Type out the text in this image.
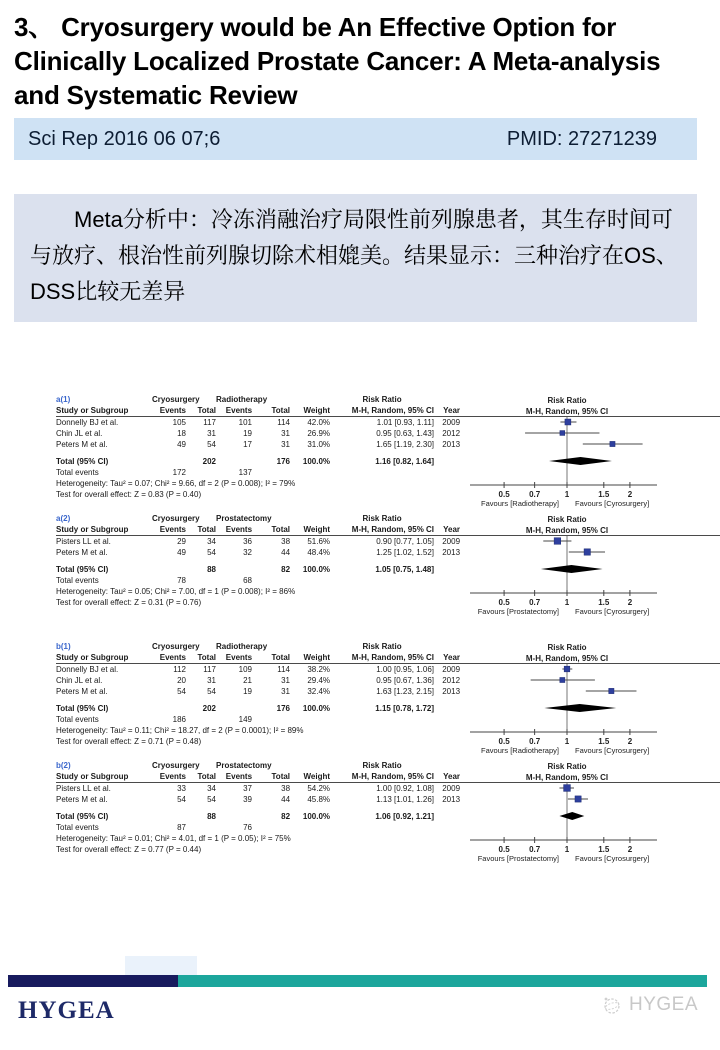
3、 Cryosurgery would be An Effective Option for Clinically Localized Prostate Cancer: A Meta-analysis and Systematic Review
Sci Rep 2016 06 07;6	PMID: 27271239

Meta分析中：冷冻消融治疗局限性前列腺患者，其生存时间可与放疗、根治性前列腺切除术相媲美。结果显示：三种治疗在OS、DSS比较无差异

a(1)	Cryosurgery		Radiotherapy			Risk Ratio	
Study or Subgroup	Events	Total	Events	Total	Weight	M-H, Random, 95% CI	Year
Donnelly BJ et al.	105	117	101	114	42.0%	1.01 [0.93, 1.11]	2009
Chin JL et al.	18	31	19	31	26.9%	0.95 [0.63, 1.43]	2012
Peters M et al.	49	54	17	31	31.0%	1.65 [1.19, 2.30]	2013

Total (95% CI)		202		176	100.0%	1.16 [0.82, 1.64]	
Total events	172		137				
Heterogeneity: Tau² = 0.07; Chi² = 9.66, df = 2 (P = 0.008); I² = 79%							
Test for overall effect: Z = 0.83 (P = 0.40)							
Risk Ratio
M-H, Random, 95% CI
0.5 0.7	1	1.5 2
Favours [Radiotherapy] Favours [Cyrosurgery]
a(2)	Cryosurgery		Prostatectomy			Risk Ratio	
Study or Subgroup	Events	Total	Events	Total	Weight	M-H, Random, 95% CI	Year
Pisters LL et al.	29	34	36	38	51.6%	0.90 [0.77, 1.05]	2009
Peters M et al.	49	54	32	44	48.4%	1.25 [1.02, 1.52]	2013

Total (95% CI)		88		82	100.0%	1.05 [0.75, 1.48]	
Total events	78		68				
Heterogeneity: Tau² = 0.05; Chi² = 7.00, df = 1 (P = 0.008); I² = 86%							
Test for overall effect: Z = 0.31 (P = 0.76)							
Risk Ratio
M-H, Random, 95% CI
0.5 0.7	1	1.5 2
Favours [Prostatectomy] Favours [Cyrosurgery]
b(1)	Cryosurgery		Radiotherapy			Risk Ratio	
Study or Subgroup	Events	Total	Events	Total	Weight	M-H, Random, 95% CI	Year
Donnelly BJ et al.	112	117	109	114	38.2%	1.00 [0.95, 1.06]	2009
Chin JL et al.	20	31	21	31	29.4%	0.95 [0.67, 1.36]	2012
Peters M et al.	54	54	19	31	32.4%	1.63 [1.23, 2.15]	2013

Total (95% CI)		202		176	100.0%	1.15 [0.78, 1.72]	
Total events	186		149				
Heterogeneity: Tau² = 0.11; Chi² = 18.27, df = 2 (P = 0.0001); I² = 89%							
Test for overall effect: Z = 0.71 (P = 0.48)							
Risk Ratio
M-H, Random, 95% CI
0.5 0.7	1	1.5 2
Favours [Radiotherapy] Favours [Cyrosurgery]
b(2)	Cryosurgery		Prostatectomy			Risk Ratio	
Study or Subgroup	Events	Total	Events	Total	Weight	M-H, Random, 95% CI	Year
Pisters LL et al.	33	34	37	38	54.2%	1.00 [0.92, 1.08]	2009
Peters M et al.	54	54	39	44	45.8%	1.13 [1.01, 1.26]	2013

Total (95% CI)		88		82	100.0%	1.06 [0.92, 1.21]	
Total events	87		76				
Heterogeneity: Tau² = 0.01; Chi² = 4.01, df = 1 (P = 0.05); I² = 75%							
Test for overall effect: Z = 0.77 (P = 0.44)							
Risk Ratio
M-H, Random, 95% CI
0.5 0.7	1	1.5 2
Favours [Prostatectomy] Favours [Cyrosurgery]
HYGEA	HYGEA
